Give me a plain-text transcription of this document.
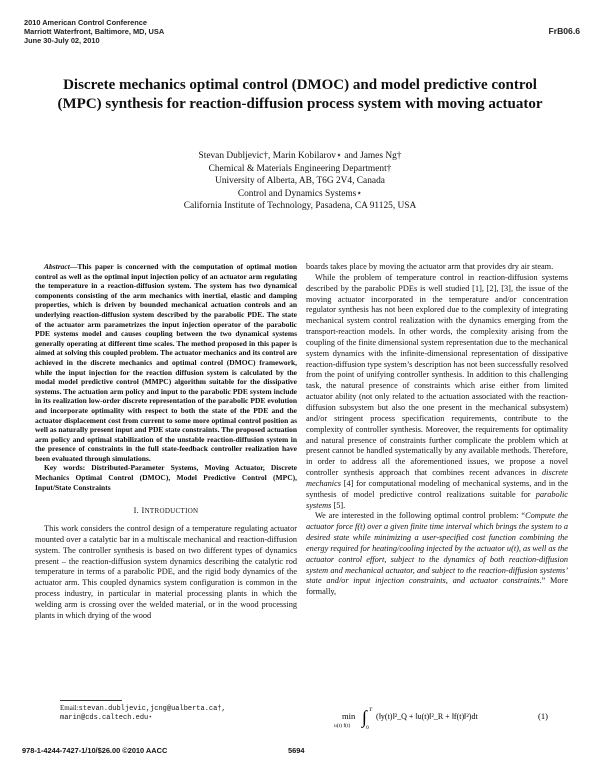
2010 American Control Conference
Marriott Waterfront, Baltimore, MD, USA
June 30-July 02, 2010
FrB06.6
Discrete mechanics optimal control (DMOC) and model predictive control (MPC) synthesis for reaction-diffusion process system with moving actuator
Stevan Dubljevic†, Marin Kobilarov⋆ and James Ng†
Chemical & Materials Engineering Department†
University of Alberta, AB, T6G 2V4, Canada
Control and Dynamics Systems⋆
California Institute of Technology, Pasadena, CA 91125, USA

Abstract—This paper is concerned with the computation of optimal motion control as well as the optimal input injection policy of an actuator arm regulating the temperature in a reaction-diffusion system. The system has two dynamical components consisting of the arm mechanics with inertial, elastic and damping properties, which is driven by bounded mechanical actuation controls and an underlying reaction-diffusion system described by the parabolic PDE. The state of the actuator arm parametrizes the input injection operator of the parabolic PDE systems model and causes coupling between the two dynamical systems generally operating at different time scales. The method proposed in this paper is aimed at solving this coupled problem. The actuator mechanics and its control are achieved in the discrete mechanics and optimal control (DMOC) framework, while the input injection for the reaction diffusion system is calculated by the modal model predictive control (MMPC) algorithm suitable for the dissipative systems. The actuation arm policy and input to the parabolic PDE system include in its realization low-order discrete representation of the parabolic PDE evolution and incorporate optimality with respect to both the state of the PDE and the actuator displacement cost from current to some more optimal control position as well as naturally present input and PDE state constraints. The proposed actuation arm policy and optimal stabilization of the unstable reaction-diffusion system in the presence of constraints in the full state-feedback controller realization have been evaluated through simulations.

Key words: Distributed-Parameter Systems, Moving Actuator, Discrete Mechanics Optimal Control (DMOC), Model Predictive Control (MPC), Input/State Constraints

I. INTRODUCTION

This work considers the control design of a temperature regulating actuator mounted over a catalytic bar in a multiscale mechanical and reaction-diffusion system. The controller synthesis is based on two different types of dynamics present – the reaction-diffusion system dynamics describing the catalytic rod temperature in terms of a parabolic PDE, and the rigid body dynamics of the actuator arm. This coupled dynamics system configuration is common in the process industry, in particular in material processing plants in which the welding arm is crossing over the welded material, or in the wood processing plants in which drying of the wood

boards takes place by moving the actuator arm that provides dry air steam.

While the problem of temperature control in reaction-diffusion systems described by the parabolic PDEs is well studied [1], [2], [3], the issue of the moving actuator incorporated in the temperature and/or concentration regulator synthesis has not been explored due to the complexity of integrating mechanical system control realization with the dynamics emerging from the transport-reaction models. In other words, the complexity arising from the coupling of the finite dimensional system representation due to the mechanical system dynamics with the infinite-dimensional representation of dissipative reaction-diffusion type system’s description has not been successfully resolved from the point of unifying controller synthesis. In addition to this challenging task, the natural presence of constraints which arise either from limited actuator ability (not only related to the actuation associated with the reaction-diffusion subsystem but also the one present in the mechanical subsystem) and/or stringent process specification requirements, contribute to the complexity of controller synthesis. Moreover, the requirements for optimality and natural presence of constraints further complicate the problem which at present cannot be handled systematically by any available methods. Therefore, in order to address all the aforementioned issues, we propose a novel controller synthesis approach that combines recent advances in discrete mechanics [4] for computational modeling of mechanical systems, and in the synthesis of model predictive control realizations suitable for parabolic systems [5].

We are interested in the following optimal control problem: “Compute the actuator force f(t) over a given finite time interval which brings the system to a desired state while minimizing a user-specified cost function combining the energy required for heating/cooling injected by the actuator u(t), as well as the actuator control effort, subject to the dynamics of both reaction-diffusion system and mechanical actuator, and subject to the reaction-diffusion systems’ state and/or input injection constraints, and actuator constraints.” More formally,

Email:stevan.dubljevic,jcng@ualberta.ca†,
marin@cds.caltech.edu⋆	min
u(t) f(t) ∫ T
0
(‖y(t)‖²_Q + ‖u(t)‖²_R + ‖f(t)‖²)dt	(1)
978-1-4244-7427-1/10/$26.00 ©2010 AACC	5694
